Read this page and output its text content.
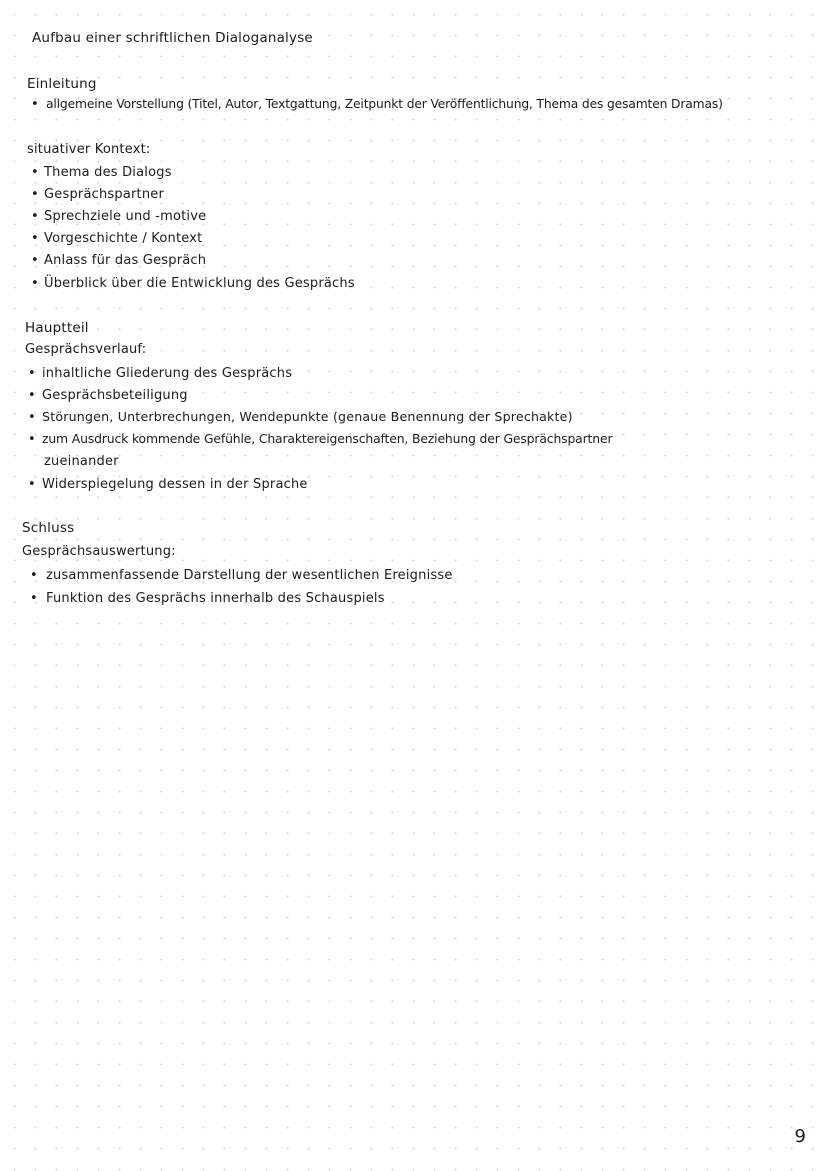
Aufbau einer schriftlichen Dialoganalyse
Einleitung
• allgemeine Vorstellung (Titel, Autor, Textgattung, Zeitpunkt der Veröffentlichung, Thema des gesamten Dramas)
situativer Kontext:
• Thema des Dialogs
• Gesprächspartner
• Sprechziele und -motive
• Vorgeschichte / Kontext
• Anlass für das Gespräch
• Überblick über die Entwicklung des Gesprächs
Hauptteil
Gesprächsverlauf:
• inhaltliche Gliederung des Gesprächs
• Gesprächsbeteiligung
• Störungen, Unterbrechungen, Wendepunkte (genaue Benennung der Sprechakte)
• zum Ausdruck kommende Gefühle, Charaktereigenschaften, Beziehung der Gesprächspartner
zueinander
• Widerspiegelung dessen in der Sprache
Schluss
Gesprächsauswertung:
• zusammenfassende Darstellung der wesentlichen Ereignisse
• Funktion des Gesprächs innerhalb des Schauspiels
9
